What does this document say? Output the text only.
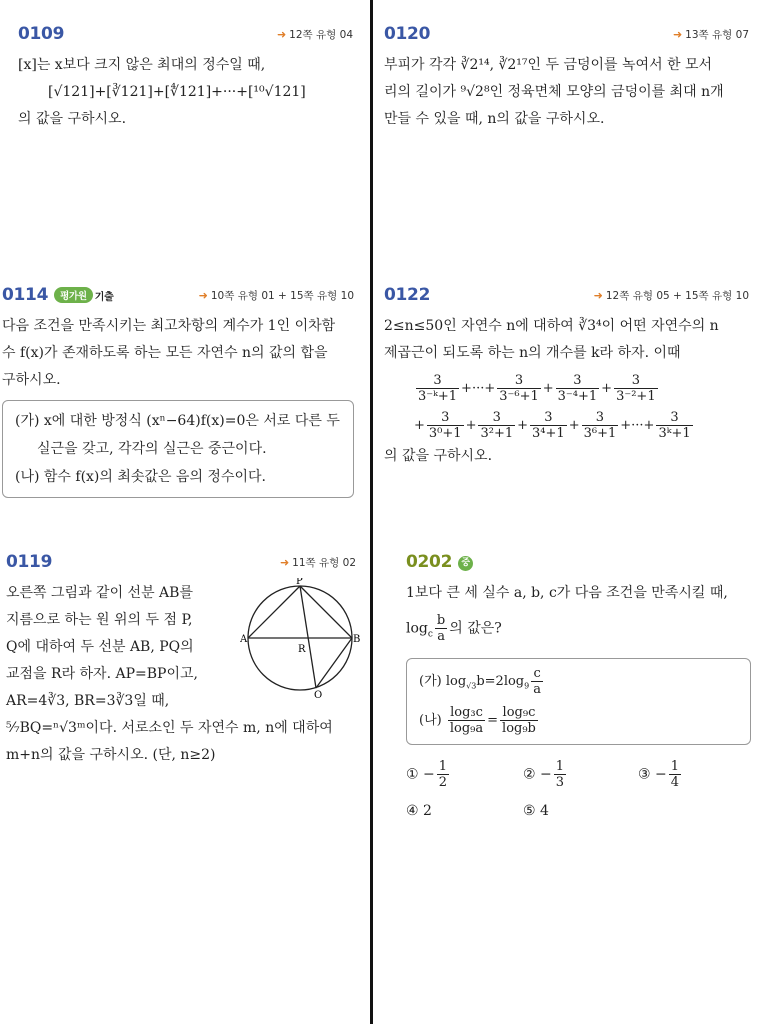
0109	➜ 12쪽 유형 04
[x]는 x보다 크지 않은 최대의 정수일 때,
[√121]+[∛121]+[∜121]+···+[¹⁰√121]
의 값을 구하시오.
0120	➜ 13쪽 유형 07
부피가 각각 ∛2¹⁴, ∛2¹⁷인 두 금덩이를 녹여서 한 모서
리의 길이가 ⁹√2⁸인 정육면체 모양의 금덩이를 최대 n개
만들 수 있을 때, n의 값을 구하시오.
0114 평가원 기출	➜ 10쪽 유형 01 + 15쪽 유형 10
다음 조건을 만족시키는 최고차항의 계수가 1인 이차함
수 f(x)가 존재하도록 하는 모든 자연수 n의 값의 합을
구하시오.
(가) x에 대한 방정식 (xⁿ−64)f(x)=0은 서로 다른 두
실근을 갖고, 각각의 실근은 중근이다.
(나) 함수 f(x)의 최솟값은 음의 정수이다.
0122	➜ 12쪽 유형 05 + 15쪽 유형 10
2≤n≤50인 자연수 n에 대하여 ∛3⁴이 어떤 자연수의 n
제곱근이 되도록 하는 n의 개수를 k라 하자. 이때
$\frac{3}{\text{3⁻ᵏ+1}}$ +···+ $\frac{3}{\text{3⁻⁶+1}} + \frac{3}{\text{3⁻⁴+1}} + \frac{3}{\text{3⁻²+1}}$
+ $\frac{3}{\text{3⁰+1}} + \frac{3}{\text{3²+1}} + \frac{3}{\text{3⁴+1}} + \frac{3}{\text{3⁶+1}}$ +···+ $\frac{3}{\text{3ᵏ+1}}$
의 값을 구하시오.
0119	➜ 11쪽 유형 02
오른쪽 그림과 같이 선분 AB를
지름으로 하는 원 위의 두 점 P,
Q에 대하여 두 선분 AB, PQ의
교점을 R라 하자. AP=BP이고,
AR=4∛3, BR=3∛3일 때,
⁵⁄₇BQ=ⁿ√3ᵐ이다. 서로소인 두 자연수 m, n에 대하여
m+n의 값을 구하시오. (단, n≥2)
P
A	B
R
Q
0202 중
1보다 큰 세 실수 a, b, c가 다음 조건을 만족시킬 때,
$\log_c \frac{b}{a}$ 의 값은?
(가) $\log_{√3}b=2\log_9 \frac{c}{a}$
(나) $\frac{\text{log₃c}}{\text{log₉a}} = \frac{\text{log₉c}}{\text{log₉b}}$
① − $\frac{1}{2}$	② − $\frac{1}{3}$	③ − $\frac{1}{4}$
④ 2	⑤ 4
